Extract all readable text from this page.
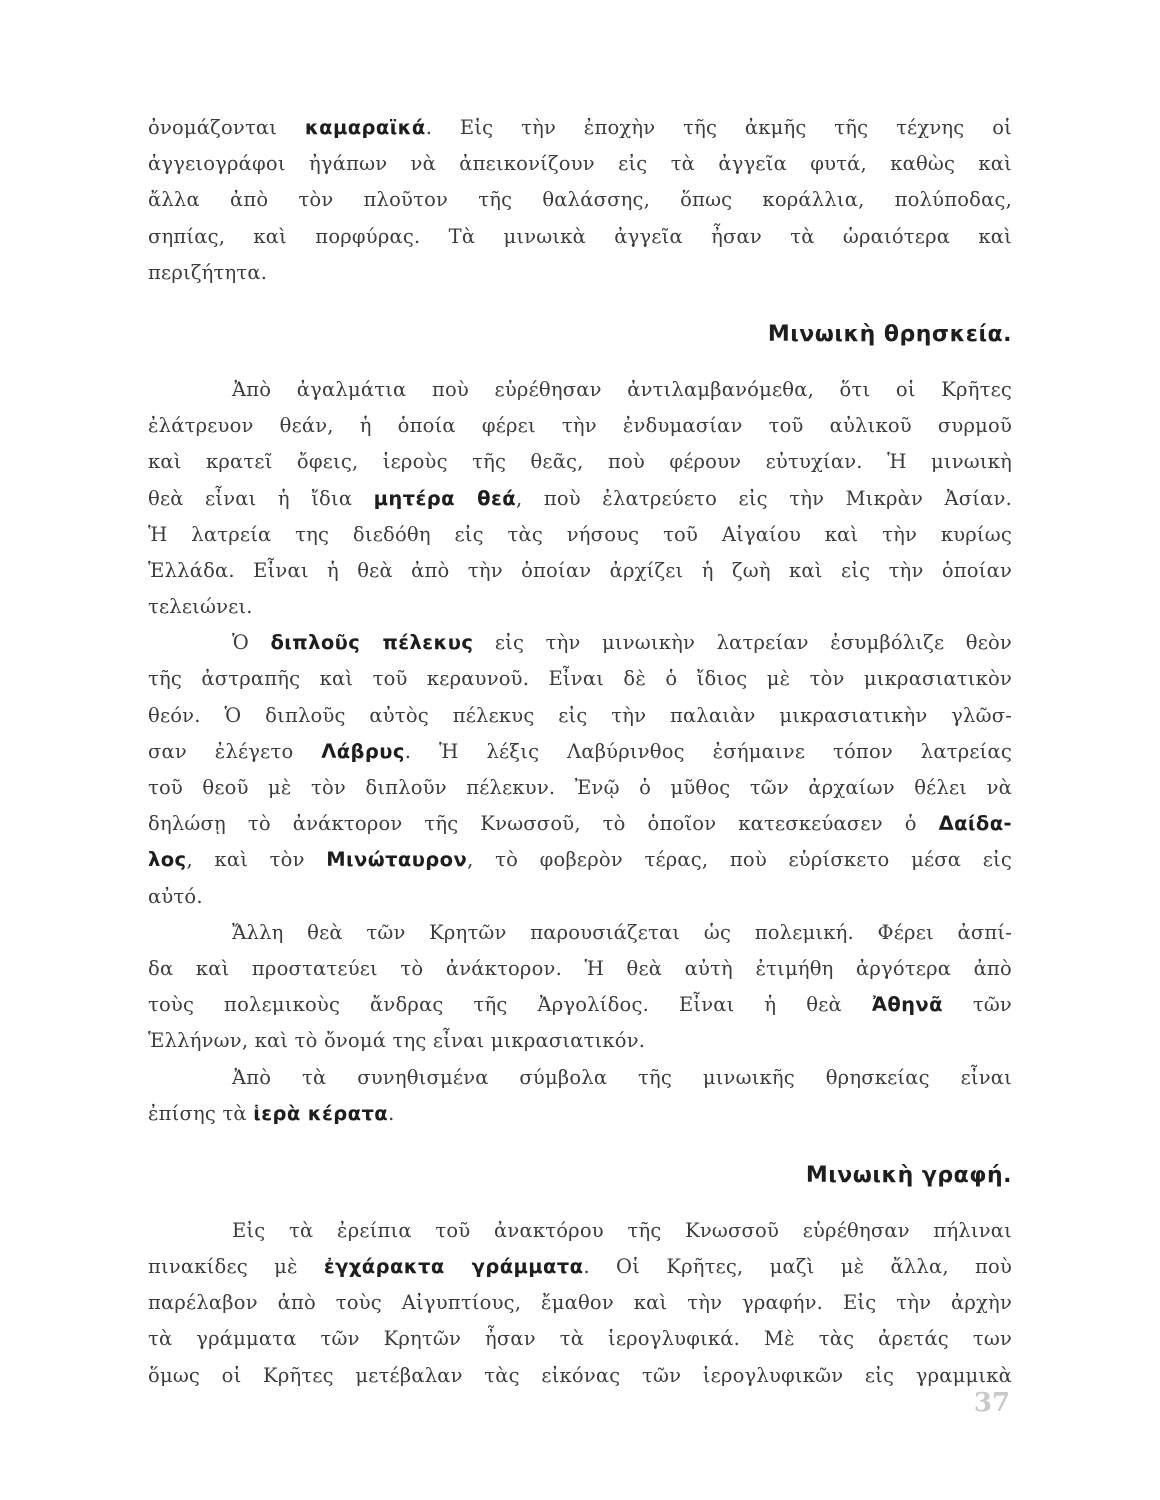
ὀνομάζονται καμαραϊκά. Εἰς τὴν ἐποχὴν τῆς ἀκμῆς τῆς τέχνης οἱ
ἀγγειογράφοι ἠγάπων νὰ ἀπεικονίζουν εἰς τὰ ἀγγεῖα φυτά, καθὼς καὶ
ἄλλα ἀπὸ τὸν πλοῦτον τῆς θαλάσσης, ὅπως κοράλλια, πολύποδας,
σηπίας, καὶ πορφύρας. Τὰ μινωικὰ ἀγγεῖα ἦσαν τὰ ὡραιότερα καὶ
περιζήτητα.
Μινωικὴ θρησκεία.
Ἀπὸ ἀγαλμάτια ποὺ εὑρέθησαν ἀντιλαμβανόμεθα, ὅτι οἱ Κρῆτες
ἐλάτρευον θεάν, ἡ ὁποία φέρει τὴν ἐνδυμασίαν τοῦ αὐλικοῦ συρμοῦ
καὶ κρατεῖ ὄφεις, ἱεροὺς τῆς θεᾶς, ποὺ φέρουν εὐτυχίαν. Ἡ μινωικὴ
θεὰ εἶναι ἡ ἴδια μητέρα θεά, ποὺ ἐλατρεύετο εἰς τὴν Μικρὰν Ἀσίαν.
Ἡ λατρεία της διεδόθη εἰς τὰς νήσους τοῦ Αἰγαίου καὶ τὴν κυρίως
Ἑλλάδα. Εἶναι ἡ θεὰ ἀπὸ τὴν ὁποίαν ἀρχίζει ἡ ζωὴ καὶ εἰς τὴν ὁποίαν
τελειώνει.
Ὁ διπλοῦς πέλεκυς εἰς τὴν μινωικὴν λατρείαν ἐσυμβόλιζε θεὸν
τῆς ἀστραπῆς καὶ τοῦ κεραυνοῦ. Εἶναι δὲ ὁ ἴδιος μὲ τὸν μικρασιατικὸν
θεόν. Ὁ διπλοῦς αὐτὸς πέλεκυς εἰς τὴν παλαιὰν μικρασιατικὴν γλῶσ-
σαν ἐλέγετο Λάβρυς. Ἡ λέξις Λαβύρινθος ἐσήμαινε τόπον λατρείας
τοῦ θεοῦ μὲ τὸν διπλοῦν πέλεκυν. Ἐνῷ ὁ μῦθος τῶν ἀρχαίων θέλει νὰ
δηλώσῃ τὸ ἀνάκτορον τῆς Κνωσσοῦ, τὸ ὁποῖον κατεσκεύασεν ὁ Δαίδα-
λος, καὶ τὸν Μινώταυρον, τὸ φοβερὸν τέρας, ποὺ εὑρίσκετο μέσα εἰς
αὐτό.
Ἄλλη θεὰ τῶν Κρητῶν παρουσιάζεται ὡς πολεμική. Φέρει ἀσπί-
δα καὶ προστατεύει τὸ ἀνάκτορον. Ἡ θεὰ αὐτὴ ἐτιμήθη ἀργότερα ἀπὸ
τοὺς πολεμικοὺς ἄνδρας τῆς Ἀργολίδος. Εἶναι ἡ θεὰ Ἀθηνᾶ τῶν
Ἑλλήνων, καὶ τὸ ὄνομά της εἶναι μικρασιατικόν.
Ἀπὸ τὰ συνηθισμένα σύμβολα τῆς μινωικῆς θρησκείας εἶναι
ἐπίσης τὰ ἱερὰ κέρατα.
Μινωικὴ γραφή.
Εἰς τὰ ἐρείπια τοῦ ἀνακτόρου τῆς Κνωσσοῦ εὑρέθησαν πήλιναι
πινακίδες μὲ ἐγχάρακτα γράμματα. Οἱ Κρῆτες, μαζὶ μὲ ἄλλα, ποὺ
παρέλαβον ἀπὸ τοὺς Αἰγυπτίους, ἔμαθον καὶ τὴν γραφήν. Εἰς τὴν ἀρχὴν
τὰ γράμματα τῶν Κρητῶν ἦσαν τὰ ἱερογλυφικά. Μὲ τὰς ἀρετάς των
ὅμως οἱ Κρῆτες μετέβαλαν τὰς εἰκόνας τῶν ἱερογλυφικῶν εἰς γραμμικὰ
37
